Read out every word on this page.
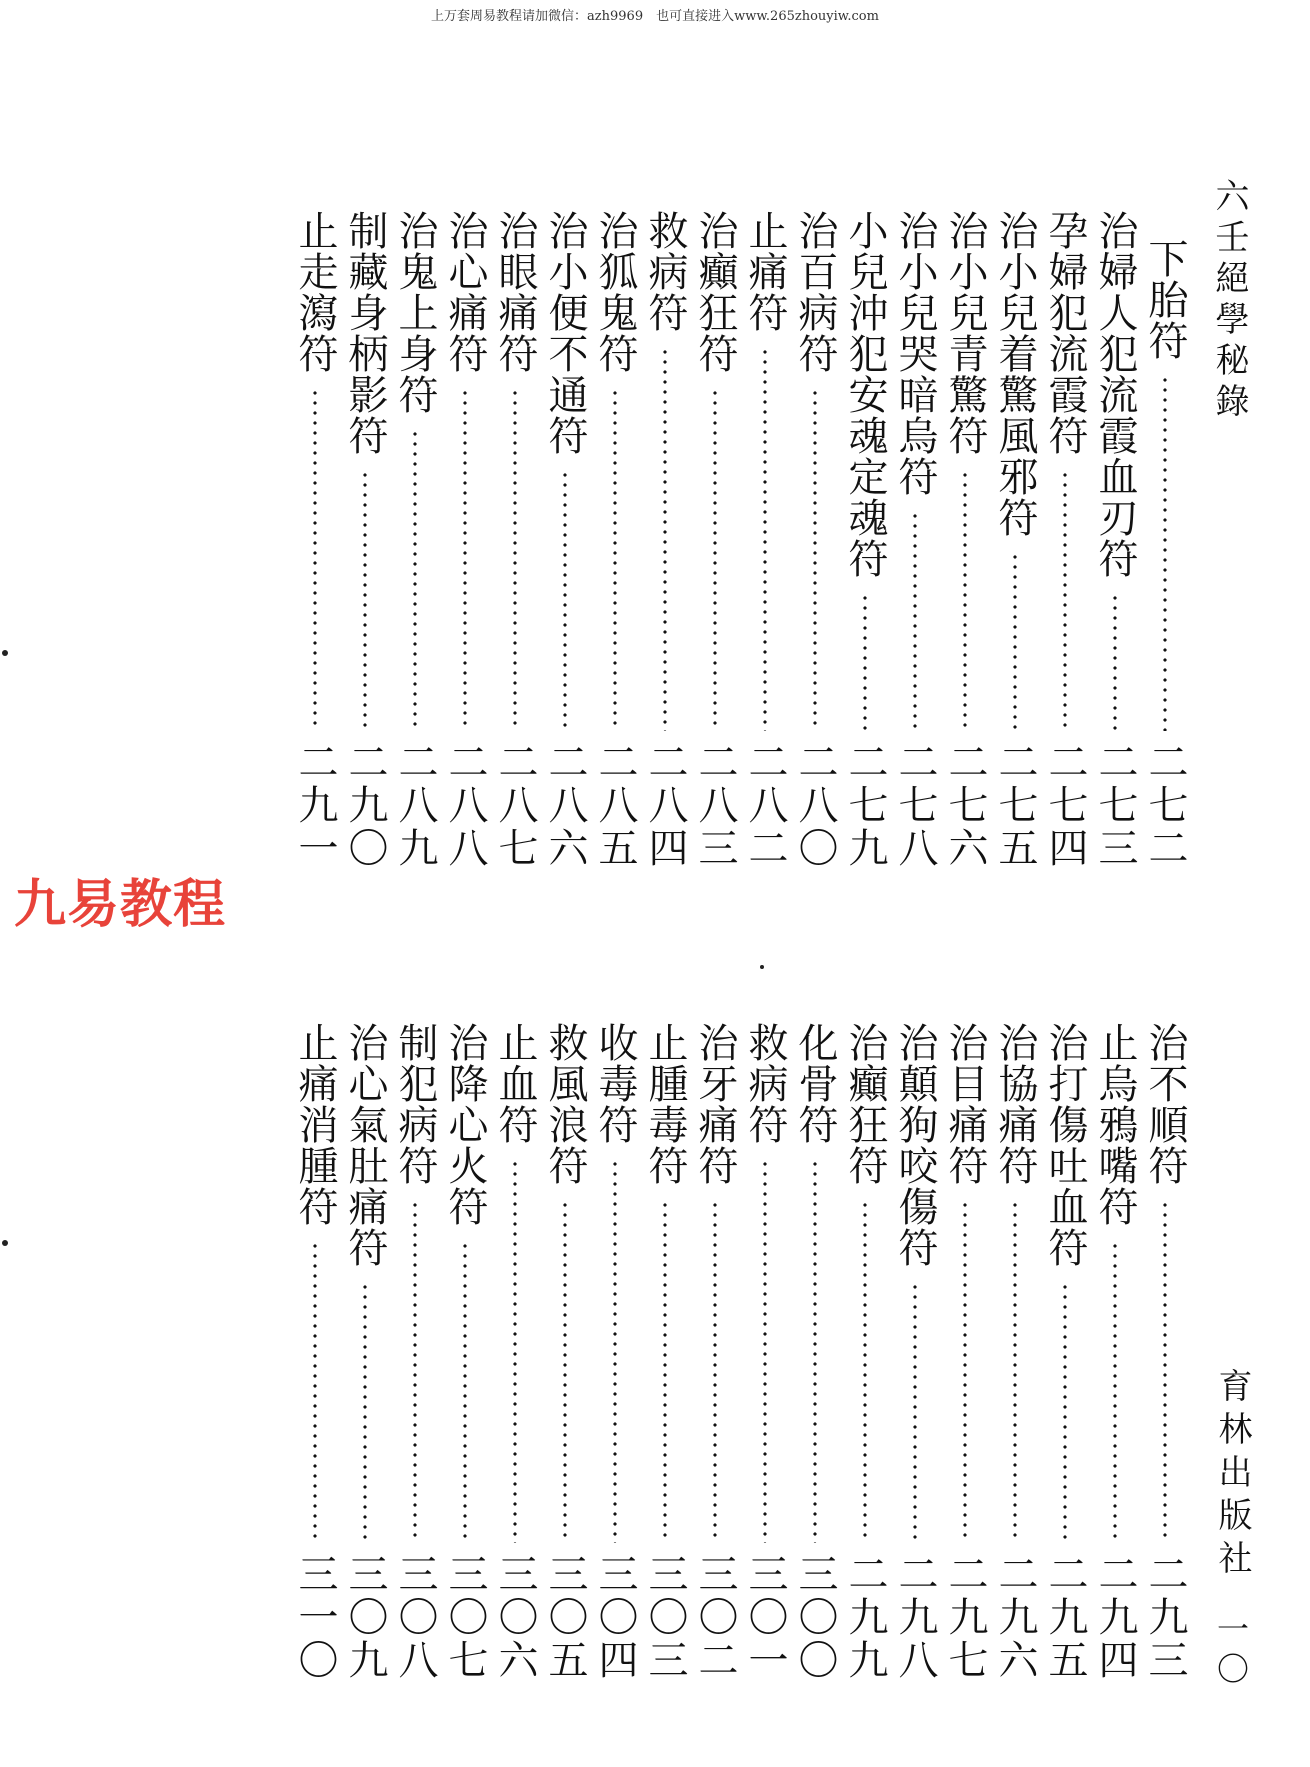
上万套周易教程请加微信：azh9969　也可直接进入www.265zhouyiw.com
九易教程
六壬絕學秘錄
育林出版社
一〇
下胎符
二七二
治婦人犯流霞血刃符
二七三
孕婦犯流霞符
二七四
治小兒着驚風邪符
二七五
治小兒青驚符
二七六
治小兒哭暗烏符
二七八
小兒沖犯安魂定魂符
二七九
治百病符
二八〇
止痛符
二八二
治癲狂符
二八三
救病符
二八四
治狐鬼符
二八五
治小便不通符
二八六
治眼痛符
二八七
治心痛符
二八八
治鬼上身符
二八九
制藏身柄影符
二九〇
止走瀉符
二九一
治不順符
二九三
止烏鴉嘴符
二九四
治打傷吐血符
二九五
治協痛符
二九六
治目痛符
二九七
治顛狗咬傷符
二九八
治癲狂符
二九九
化骨符
三〇〇
救病符
三〇一
治牙痛符
三〇二
止腫毒符
三〇三
收毒符
三〇四
救風浪符
三〇五
止血符
三〇六
治降心火符
三〇七
制犯病符
三〇八
治心氣肚痛符
三〇九
止痛消腫符
三一〇
